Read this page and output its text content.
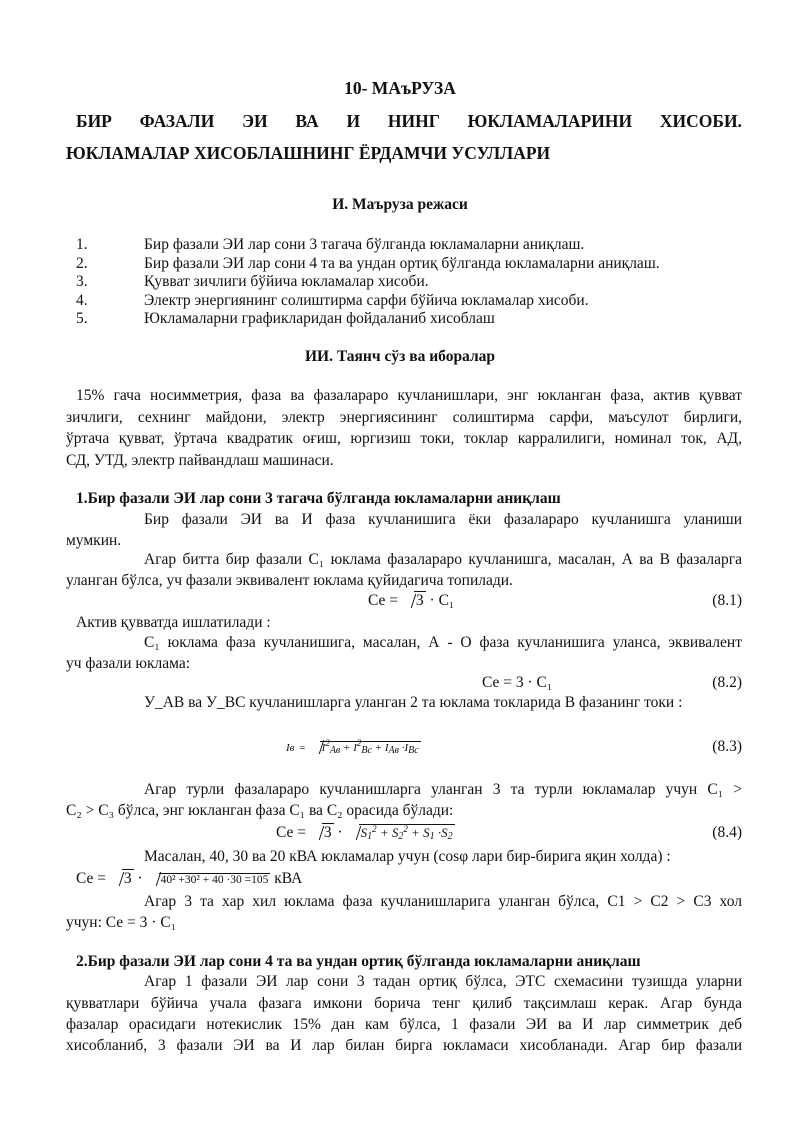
10- МАъРУЗА
БИР ФАЗАЛИ ЭИ ВА И НИНГ ЮКЛАМАЛАРИНИ ХИСОБИ.
ЮКЛАМАЛАР ХИСОБЛАШНИНГ ЁРДАМЧИ УСУЛЛАРИ
И. Маъруза режаси
1.	Бир фазали ЭИ лар сони 3 тагача бўлганда юкламаларни аниқлаш.
2.	Бир фазали ЭИ лар сони 4 та ва ундан ортиқ бўлганда юкламаларни аниқлаш.
3.	Қувват зичлиги бўйича юкламалар хисоби.
4.	Электр энергиянинг солиштирма сарфи бўйича юкламалар хисоби.
5.	Юкламаларни графикларидан фойдаланиб хисоблаш
ИИ. Таянч сўз ва иборалар
15% гача носимметрия, фаза ва фазалараро кучланишлари, энг юкланган фаза, актив қувват
зичлиги, сехнинг майдони, электр энергиясининг солиштирма сарфи, маъсулот бирлиги,
ўртача қувват, ўртача квадратик оғиш, юргизиш токи, токлар карралилиги, номинал ток, АД,
СД, УТД, электр пайвандлаш машинаси.
1.Бир фазали ЭИ лар сони 3 тагача бўлганда юкламаларни аниқлаш
Бир фазали ЭИ ва И фаза кучланишига ёки фазалараро кучланишга уланиши
мумкин.
Агар битта бир фазали С₁ юклама фазалараро кучланишга, масалан, А ва В фазаларга
уланган бўлса, уч фазали эквивалент юклама қуйидагича топилади.
Се = 3 · С₁	(8.1)
Актив қувватда ишлатилади :
С₁ юклама фаза кучланишига, масалан, А - О фаза кучланишига уланса, эквивалент
уч фазали юклама:
Се = 3 · С₁	(8.2)
У_АВ ва У_ВС кучланишларга уланган 2 та юклама токларида В фазанинг токи :
Iв = $I^2_{Ав} + I^2_{Вс} + I_{Ав} \cdot I_{Вс}$	(8.3)
Агар турли фазалараро кучланишларга уланган 3 та турли юкламалар учун С₁ >
С₂ > С₃ бўлса, энг юкланган фаза С₁ ва С₂ орасида бўлади:
Се = $3 \cdot S_1^2 + S_2^2 + S_1 \cdot S_2$	(8.4)
Масалан, 40, 30 ва 20 кВА юкламалар учун (cosφ лари бир-бирига яқин холда) :
Се = 3 · 40² +30² + 40 ·30 =105 кВА
Агар 3 та хар хил юклама фаза кучланишларига уланган бўлса, С1 > С2 > С3 хол
учун: Се = 3 · С₁
2.Бир фазали ЭИ лар сони 4 та ва ундан ортиқ бўлганда юкламаларни аниқлаш
Агар 1 фазали ЭИ лар сони 3 тадан ортиқ бўлса, ЭТС схемасини тузишда уларни
қувватлари бўйича учала фазага имкони борича тенг қилиб тақсимлаш керак. Агар бунда
фазалар орасидаги нотекислик 15% дан кам бўлса, 1 фазали ЭИ ва И лар симметрик деб
хисобланиб, 3 фазали ЭИ ва И лар билан бирга юкламаси хисобланади. Агар бир фазали
